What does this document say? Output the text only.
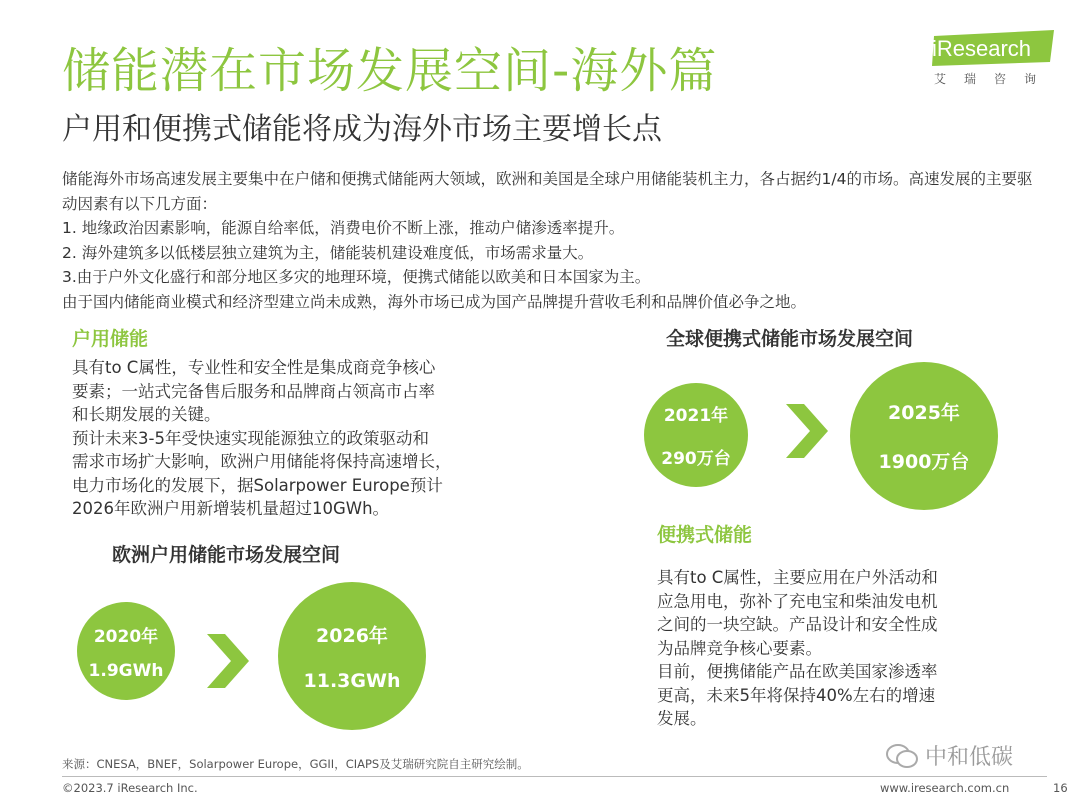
储能潜在市场发展空间-海外篇
户用和便携式储能将成为海外市场主要增长点
iResearch
艾瑞咨询

储能海外市场高速发展主要集中在户储和便携式储能两大领域，欧洲和美国是全球户用储能装机主力，各占据约1/4的市场。高速发展的主要驱动因素有以下几方面：

1. 地缘政治因素影响，能源自给率低，消费电价不断上涨，推动户储渗透率提升。

2. 海外建筑多以低楼层独立建筑为主，储能装机建设难度低，市场需求量大。

3.由于户外文化盛行和部分地区多灾的地理环境，便携式储能以欧美和日本国家为主。

由于国内储能商业模式和经济型建立尚未成熟，海外市场已成为国产品牌提升营收毛利和品牌价值必争之地。

户用储能

具有to C属性，专业性和安全性是集成商竞争核心

要素；一站式完备售后服务和品牌商占领高市占率

和长期发展的关键。

预计未来3-5年受快速实现能源独立的政策驱动和

需求市场扩大影响，欧洲户用储能将保持高速增长，

电力市场化的发展下，据Solarpower Europe预计

2026年欧洲户用新增装机量超过10GWh。

欧洲户用储能市场发展空间
2020年
1.9GWh
2026年
11.3GWh
全球便携式储能市场发展空间
2021年
290万台
2025年
1900万台
便携式储能

具有to C属性，主要应用在户外活动和

应急用电，弥补了充电宝和柴油发电机

之间的一块空缺。产品设计和安全性成

为品牌竞争核心要素。

目前，便携储能产品在欧美国家渗透率

更高，未来5年将保持40%左右的增速

发展。

中和低碳
来源：CNESA，BNEF，Solarpower Europe，GGII，CIAPS及艾瑞研究院自主研究绘制。
©2023.7 iResearch Inc.	www.iresearch.com.cn	16
